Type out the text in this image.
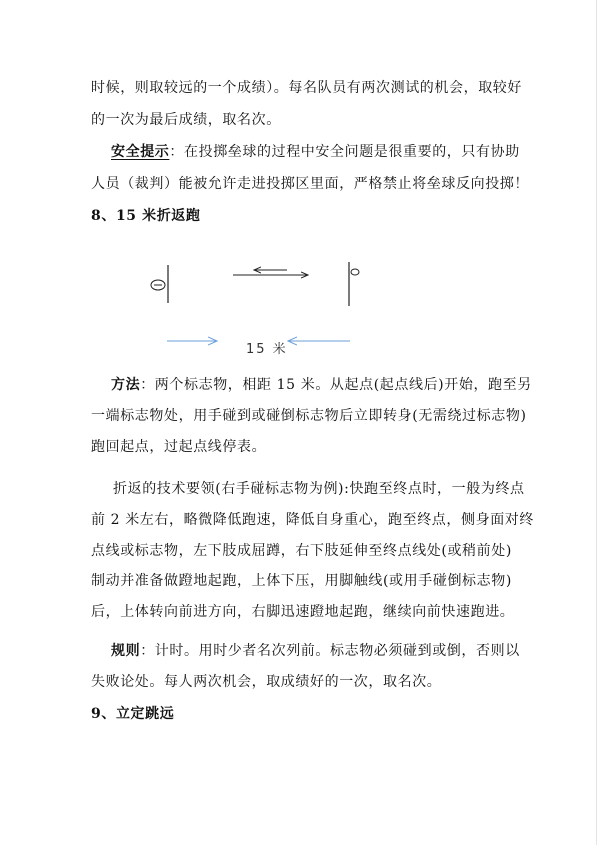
时候，则取较远的一个成绩）。每名队员有两次测试的机会，取较好
的一次为最后成绩，取名次。
安全提示：在投掷垒球的过程中安全问题是很重要的，只有协助
人员（裁判）能被允许走进投掷区里面，严格禁止将垒球反向投掷！
8、15 米折返跑
15 米
方法：两个标志物，相距 15 米。从起点(起点线后)开始，跑至另
一端标志物处，用手碰到或碰倒标志物后立即转身(无需绕过标志物)
跑回起点，过起点线停表。
折返的技术要领(右手碰标志物为例):快跑至终点时，一般为终点
前 2 米左右，略微降低跑速，降低自身重心，跑至终点，侧身面对终
点线或标志物，左下肢成屈蹲，右下肢延伸至终点线处(或稍前处)
制动并准备做蹬地起跑，上体下压，用脚触线(或用手碰倒标志物)
后，上体转向前进方向，右脚迅速蹬地起跑，继续向前快速跑进。
规则：计时。用时少者名次列前。标志物必须碰到或倒，否则以
失败论处。每人两次机会，取成绩好的一次，取名次。
9、立定跳远
